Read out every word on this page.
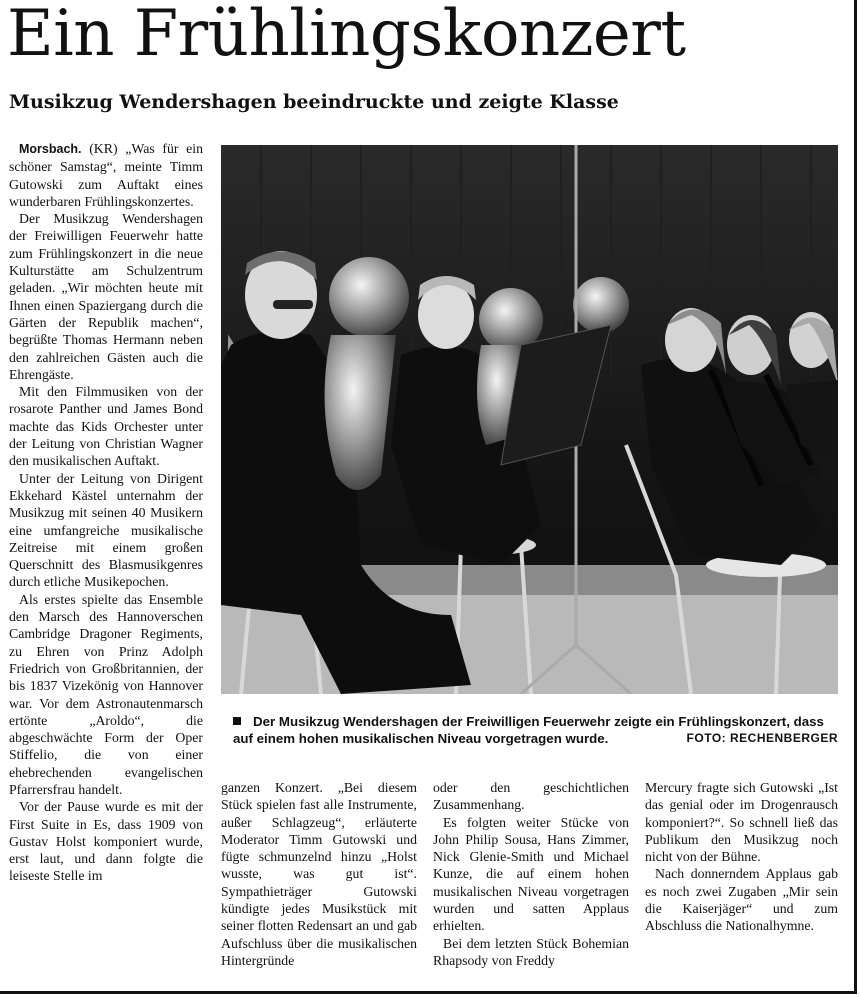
Ein Frühlingskonzert
Musikzug Wendershagen beeindruckte und zeigte Klasse

Morsbach. (KR) „Was für ein schöner Samstag“, meinte Timm Gutowski zum Auftakt eines wunderbaren Frühlingskonzertes.

Der Musikzug Wendershagen der Freiwilligen Feuerwehr hatte zum Frühlingskonzert in die neue Kulturstätte am Schulzentrum geladen. „Wir möchten heute mit Ihnen einen Spaziergang durch die Gärten der Republik machen“, begrüßte Thomas Hermann neben den zahlreichen Gästen auch die Ehrengäste.

Mit den Filmmusiken von der rosarote Panther und James Bond machte das Kids Orchester unter der Leitung von Christian Wagner den musikalischen Auftakt.

Unter der Leitung von Dirigent Ekkehard Kästel unternahm der Musikzug mit seinen 40 Musikern eine umfangreiche musikalische Zeitreise mit einem großen Querschnitt des Blasmusikgenres durch etliche Musikepochen.

Als erstes spielte das Ensemble den Marsch des Hannoverschen Cambridge Dragoner Regiments, zu Ehren von Prinz Adolph Friedrich von Großbritannien, der bis 1837 Vizekönig von Hannover war. Vor dem Astronautenmarsch ertönte „Aroldo“, die abgeschwächte Form der Oper Stiffelio, die von einer ehebrechenden evangelischen Pfarrersfrau handelt.

Vor der Pause wurde es mit der First Suite in Es, dass 1909 von Gustav Holst komponiert wurde, erst laut, und dann folgte die leiseste Stelle im

Der Musikzug Wendershagen der Freiwilligen Feuerwehr zeigte ein Frühlingskonzert, dass auf einem hohen musikalischen Niveau vorgetragen wurde.	FOTO: RECHENBERGER

ganzen Konzert. „Bei diesem Stück spielen fast alle Instrumente, außer Schlagzeug“, erläuterte Moderator Timm Gutowski und fügte schmunzelnd hinzu „Holst wusste, was gut ist“. Sympathieträger Gutowski kündigte jedes Musikstück mit seiner flotten Redensart an und gab Aufschluss über die musikalischen Hintergründe

oder den geschichtlichen Zusammenhang.

Es folgten weiter Stücke von John Philip Sousa, Hans Zimmer, Nick Glenie-Smith und Michael Kunze, die auf einem hohen musikalischen Niveau vorgetragen wurden und satten Applaus erhielten.

Bei dem letzten Stück Bohemian Rhapsody von Freddy

Mercury fragte sich Gutowski „Ist das genial oder im Drogenrausch komponiert?“. So schnell ließ das Publikum den Musikzug noch nicht von der Bühne.

Nach donnerndem Applaus gab es noch zwei Zugaben „Mir sein die Kaiserjäger“ und zum Abschluss die Nationalhymne.
